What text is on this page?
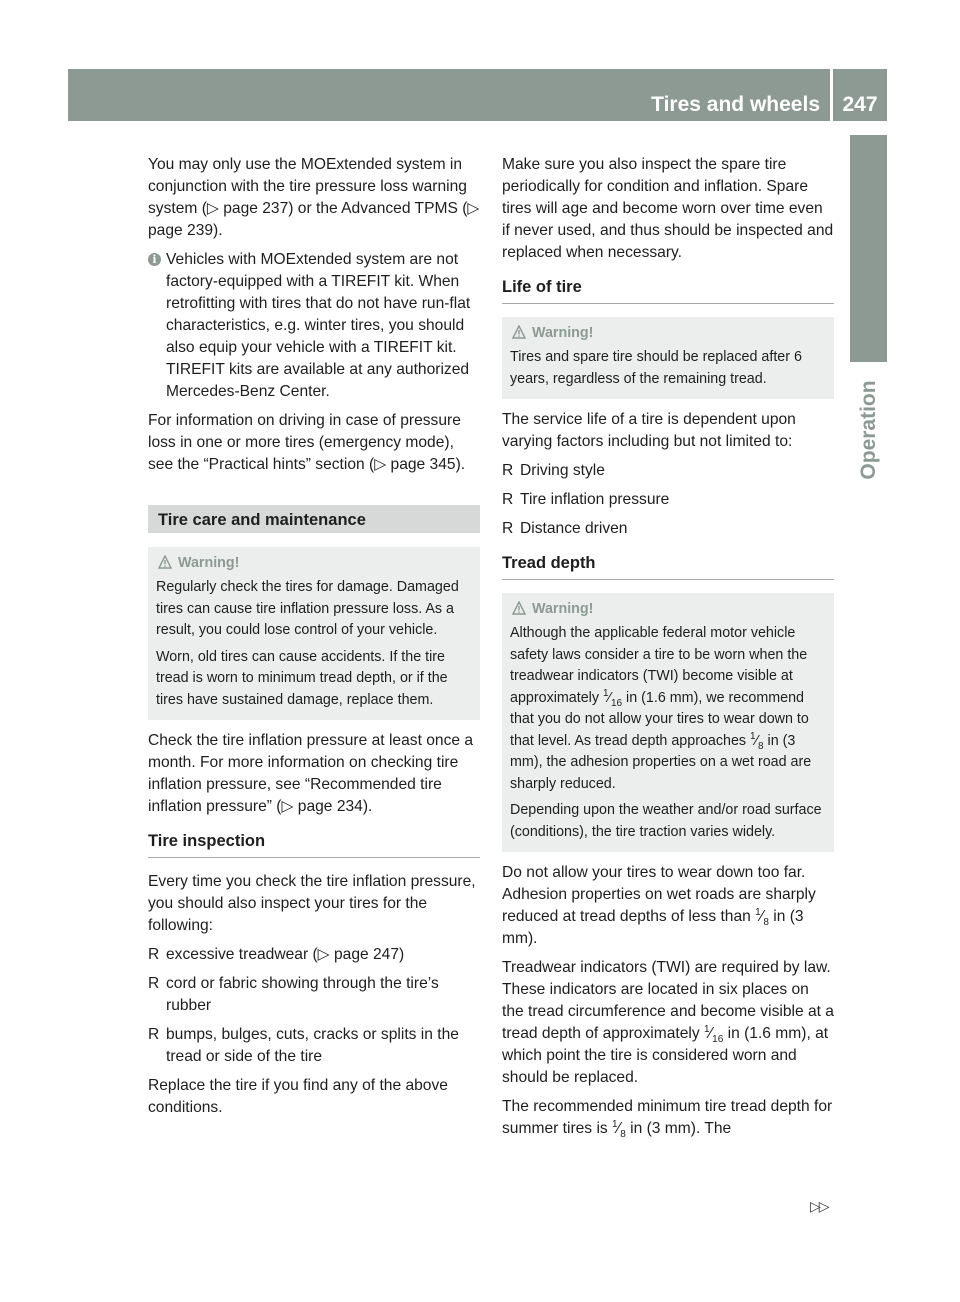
Tires and wheels	247
Operation

You may only use the MOExtended system in conjunction with the tire pressure loss warning system (▷ page 237) or the Advanced TPMS (▷ page 239).

i Vehicles with MOExtended system are not factory-equipped with a TIREFIT kit. When retrofitting with tires that do not have run-flat characteristics, e.g. winter tires, you should also equip your vehicle with a TIREFIT kit. TIREFIT kits are available at any authorized Mercedes-Benz Center.

For information on driving in case of pressure loss in one or more tires (emergency mode), see the “Practical hints” section (▷ page 345).

Tire care and maintenance
Warning!

Regularly check the tires for damage. Damaged tires can cause tire inflation pressure loss. As a result, you could lose control of your vehicle.

Worn, old tires can cause accidents. If the tire tread is worn to minimum tread depth, or if the tires have sustained damage, replace them.

Check the tire inflation pressure at least once a month. For more information on checking tire inflation pressure, see “Recommended tire inflation pressure” (▷ page 234).

Tire inspection

Every time you check the tire inflation pressure, you should also inspect your tires for the following:

R excessive treadwear (▷ page 247)
R cord or fabric showing through the tire’s rubber
R bumps, bulges, cuts, cracks or splits in the tread or side of the tire

Replace the tire if you find any of the above conditions.

Make sure you also inspect the spare tire periodically for condition and inflation. Spare tires will age and become worn over time even if never used, and thus should be inspected and replaced when necessary.

Life of tire
Warning!

Tires and spare tire should be replaced after 6 years, regardless of the remaining tread.

The service life of a tire is dependent upon varying factors including but not limited to:

R Driving style
R Tire inflation pressure
R Distance driven
Tread depth
Warning!

Although the applicable federal motor vehicle safety laws consider a tire to be worn when the treadwear indicators (TWI) become visible at approximately $^1⁄_{16}$ in (1.6 mm), we recommend that you do not allow your tires to wear down to that level. As tread depth approaches $^1⁄_8$ in (3 mm), the adhesion properties on a wet road are sharply reduced.

Depending upon the weather and/or road surface (conditions), the tire traction varies widely.

Do not allow your tires to wear down too far. Adhesion properties on wet roads are sharply reduced at tread depths of less than $^1⁄_8$ in (3 mm).

Treadwear indicators (TWI) are required by law. These indicators are located in six places on the tread circumference and become visible at a tread depth of approximately $^1⁄_{16}$ in (1.6 mm), at which point the tire is considered worn and should be replaced.

The recommended minimum tire tread depth for summer tires is $^1⁄_8$ in (3 mm). The

▷▷
